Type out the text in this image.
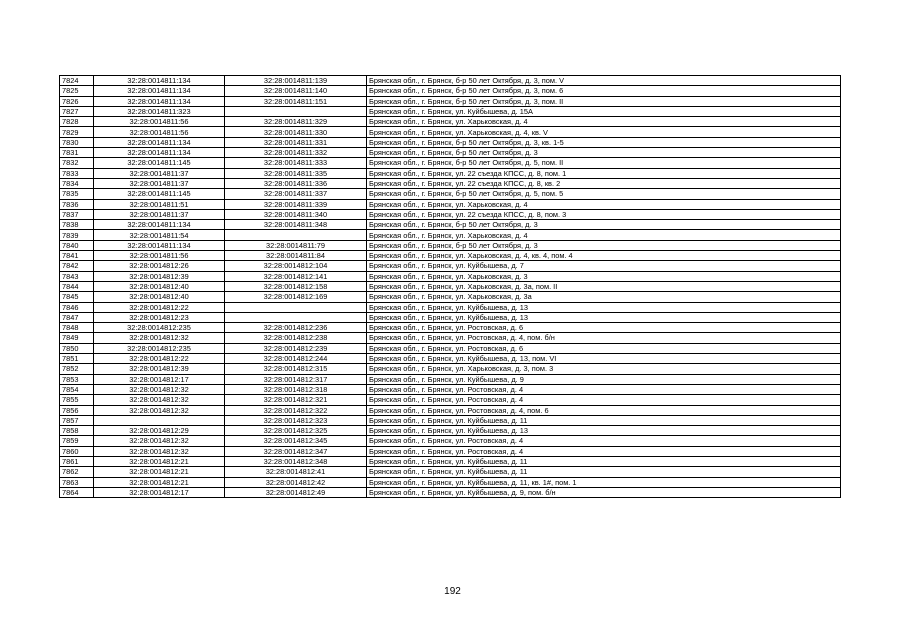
7824	32:28:0014811:134	32:28:0014811:139	Брянская обл., г. Брянск, б-р 50 лет Октября, д. 3, пом. V
7825	32:28:0014811:134	32:28:0014811:140	Брянская обл., г. Брянск, б-р 50 лет Октября, д. 3, пом. 6
7826	32:28:0014811:134	32:28:0014811:151	Брянская обл., г. Брянск, б-р 50 лет Октября, д. 3, пом. II
7827	32:28:0014811:323		Брянская обл., г. Брянск, ул. Куйбышева, д. 15А
7828	32:28:0014811:56	32:28:0014811:329	Брянская обл., г. Брянск, ул. Харьковская, д. 4
7829	32:28:0014811:56	32:28:0014811:330	Брянская обл., г. Брянск, ул. Харьковская, д. 4, кв. V
7830	32:28:0014811:134	32:28:0014811:331	Брянская обл., г. Брянск, б-р 50 лет Октября, д. 3, кв. 1-5
7831	32:28:0014811:134	32:28:0014811:332	Брянская обл., г. Брянск, б-р 50 лет Октября, д. 3
7832	32:28:0014811:145	32:28:0014811:333	Брянская обл., г. Брянск, б-р 50 лет Октября, д. 5, пом. II
7833	32:28:0014811:37	32:28:0014811:335	Брянская обл., г. Брянск, ул. 22 съезда КПСС, д. 8, пом. 1
7834	32:28:0014811:37	32:28:0014811:336	Брянская обл., г. Брянск, ул. 22 съезда КПСС, д. 8, кв. 2
7835	32:28:0014811:145	32:28:0014811:337	Брянская обл., г. Брянск, б-р 50 лет Октября, д. 5, пом. 5
7836	32:28:0014811:51	32:28:0014811:339	Брянская обл., г. Брянск, ул. Харьковская, д. 4
7837	32:28:0014811:37	32:28:0014811:340	Брянская обл., г. Брянск, ул. 22 съезда КПСС, д. 8, пом. 3
7838	32:28:0014811:134	32:28:0014811:348	Брянская обл., г. Брянск, б-р 50 лет Октября, д. 3
7839	32:28:0014811:54		Брянская обл., г. Брянск, ул. Харьковская, д. 4
7840	32:28:0014811:134	32:28:0014811:79	Брянская обл., г. Брянск, б-р 50 лет Октября, д. 3
7841	32:28:0014811:56	32:28:0014811:84	Брянская обл., г. Брянск, ул. Харьковская, д. 4, кв. 4, пом. 4
7842	32:28:0014812:26	32:28:0014812:104	Брянская обл., г. Брянск, ул. Куйбышева, д. 7
7843	32:28:0014812:39	32:28:0014812:141	Брянская обл., г. Брянск, ул. Харьковская, д. 3
7844	32:28:0014812:40	32:28:0014812:158	Брянская обл., г. Брянск, ул. Харьковская, д. 3а, пом. II
7845	32:28:0014812:40	32:28:0014812:169	Брянская обл., г. Брянск, ул. Харьковская, д. 3а
7846	32:28:0014812:22		Брянская обл., г. Брянск, ул. Куйбышева, д. 13
7847	32:28:0014812:23		Брянская обл., г. Брянск, ул. Куйбышева, д. 13
7848	32:28:0014812:235	32:28:0014812:236	Брянская обл., г. Брянск, ул. Ростовская, д. 6
7849	32:28:0014812:32	32:28:0014812:238	Брянская обл., г. Брянск, ул. Ростовская, д. 4, пом. б/н
7850	32:28:0014812:235	32:28:0014812:239	Брянская обл., г. Брянск, ул. Ростовская, д. 6
7851	32:28:0014812:22	32:28:0014812:244	Брянская обл., г. Брянск, ул. Куйбышева, д. 13, пом. VI
7852	32:28:0014812:39	32:28:0014812:315	Брянская обл., г. Брянск, ул. Харьковская, д. 3, пом. 3
7853	32:28:0014812:17	32:28:0014812:317	Брянская обл., г. Брянск, ул. Куйбышева, д. 9
7854	32:28:0014812:32	32:28:0014812:318	Брянская обл., г. Брянск, ул. Ростовская, д. 4
7855	32:28:0014812:32	32:28:0014812:321	Брянская обл., г. Брянск, ул. Ростовская, д. 4
7856	32:28:0014812:32	32:28:0014812:322	Брянская обл., г. Брянск, ул. Ростовская, д. 4, пом. 6
7857		32:28:0014812:323	Брянская обл., г. Брянск, ул. Куйбышева, д. 11
7858	32:28:0014812:29	32:28:0014812:325	Брянская обл., г. Брянск, ул. Куйбышева, д. 13
7859	32:28:0014812:32	32:28:0014812:345	Брянская обл., г. Брянск, ул. Ростовская, д. 4
7860	32:28:0014812:32	32:28:0014812:347	Брянская обл., г. Брянск, ул. Ростовская, д. 4
7861	32:28:0014812:21	32:28:0014812:348	Брянская обл., г. Брянск, ул. Куйбышева, д. 11
7862	32:28:0014812:21	32:28:0014812:41	Брянская обл., г. Брянск, ул. Куйбышева, д. 11
7863	32:28:0014812:21	32:28:0014812:42	Брянская обл., г. Брянск, ул. Куйбышева, д. 11, кв. 1#, пом. 1
7864	32:28:0014812:17	32:28:0014812:49	Брянская обл., г. Брянск, ул. Куйбышева, д. 9, пом. б/н
192
